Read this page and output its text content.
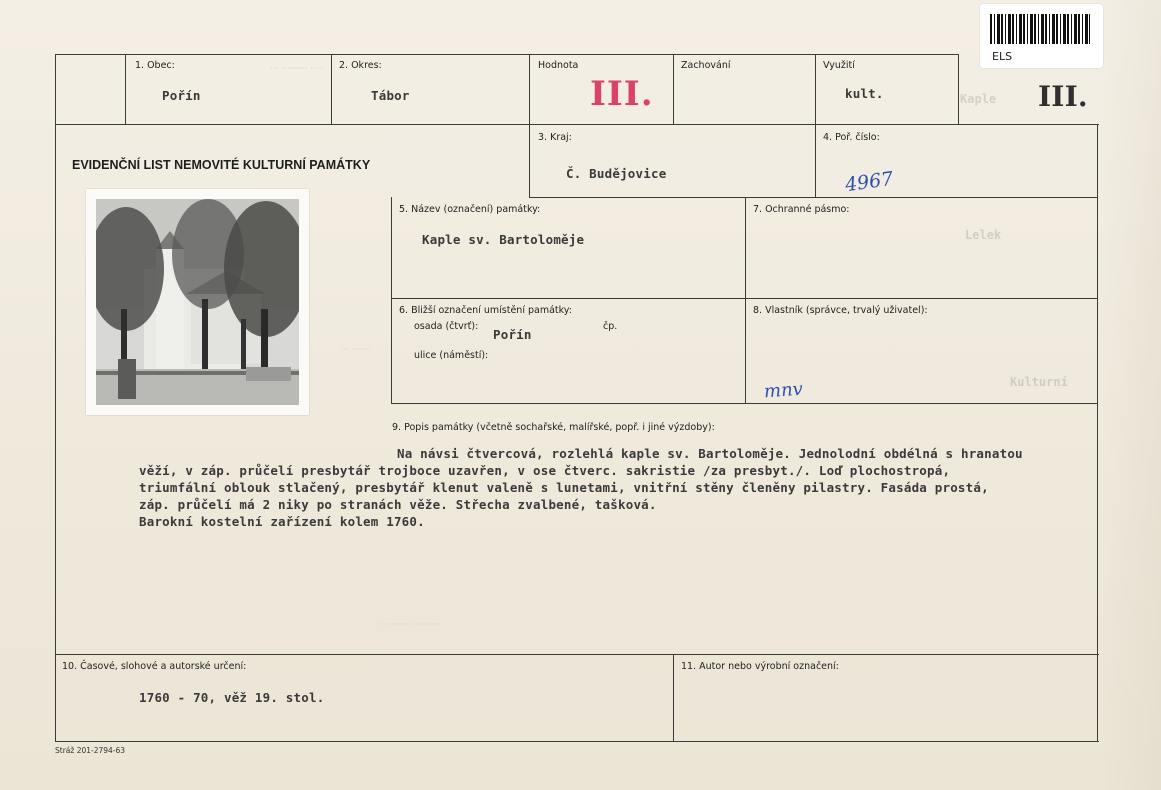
··· ········· ·····
Kaple
Lelek
Kulturní
··· ·······
·· ········ ·········
ELS
1. Obec:
Pořín
2. Okres:
Tábor
Hodnota
III.
Zachování	Využití
kult.	III.
EVIDENČNÍ LIST NEMOVITÉ KULTURNÍ PAMÁTKY
3. Kraj:
Č. Budějovice
4. Poř. číslo:
4967
5. Název (označení) památky:
Kaple sv. Bartoloměje
7. Ochranné pásmo:
6. Bližší označení umístění památky:
osada (čtvrť):
Pořín
čp.
ulice (náměstí):
8. Vlastník (správce, trvalý uživatel):
mnv
9. Popis památky (včetně sochařské, malířské, popř. i jiné výzdoby):
Na návsi čtvercová, rozlehlá kaple sv. Bartoloměje. Jednolodní obdélná s hranatou
věží, v záp. průčelí presbytář trojboce uzavřen, v ose čtverc. sakristie /za presbyt./. Loď plochostropá,
triumfální oblouk stlačený, presbytář klenut valeně s lunetami, vnitřní stěny členěny pilastry. Fasáda prostá,
záp. průčelí má 2 niky po stranách věže. Střecha zvalbené, tašková.
Barokní kostelní zařízení kolem 1760.
10. Časové, slohové a autorské určení:
1760 - 70, věž 19. stol.
11. Autor nebo výrobní označení:
Stráž 201-2794-63
